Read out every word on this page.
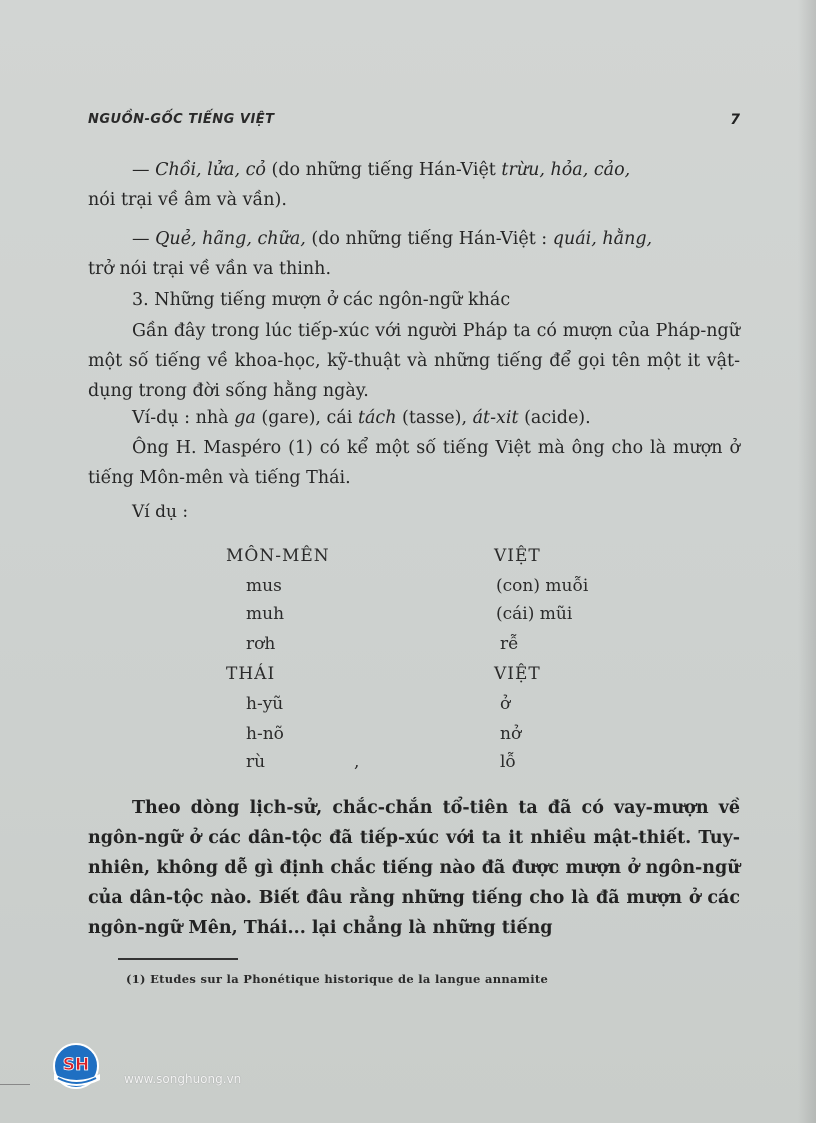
NGUỒN-GỐC TIẾNG VIỆT	7
— Chồi, lửa, cỏ (do những tiếng Hán-Việt trừu, hỏa, cảo,
nói trại về âm và vần).
— Quẻ, hãng, chữa, (do những tiếng Hán-Việt : quái, hằng,
trở nói trại về vần va thinh.
3. Những tiếng mượn ở các ngôn-ngữ khác
Gần đây trong lúc tiếp-xúc với người Pháp ta có mượn của Pháp-ngữ một số tiếng về khoa-học, kỹ-thuật và những tiếng để gọi tên một it vật-dụng trong đời sống hằng ngày.
Ví-dụ : nhà ga (gare), cái tách (tasse), át-xit (acide).
Ông H. Maspéro (1) có kể một số tiếng Việt mà ông cho là mượn ở tiếng Môn-mên và tiếng Thái.
Ví dụ :
MÔN-MÊN	VIỆT
mus	(con) muỗi
muh	(cái) mũi
rơh	rễ
THÁI	VIỆT
h-yũ	ở
h-nõ	nở
rù	,	lỗ
Theo dòng lịch-sử, chắc-chắn tổ-tiên ta đã có vay-mượn về ngôn-ngữ ở các dân-tộc đã tiếp-xúc với ta it nhiều mật-thiết. Tuy-nhiên, không dễ gì định chắc tiếng nào đã được mượn ở ngôn-ngữ của dân-tộc nào. Biết đâu rằng những tiếng cho là đã mượn ở các ngôn-ngữ Mên, Thái... lại chẳng là những tiếng
(1) Etudes sur la Phonétique historique de la langue annamite
SH
www.songhuong.vn
